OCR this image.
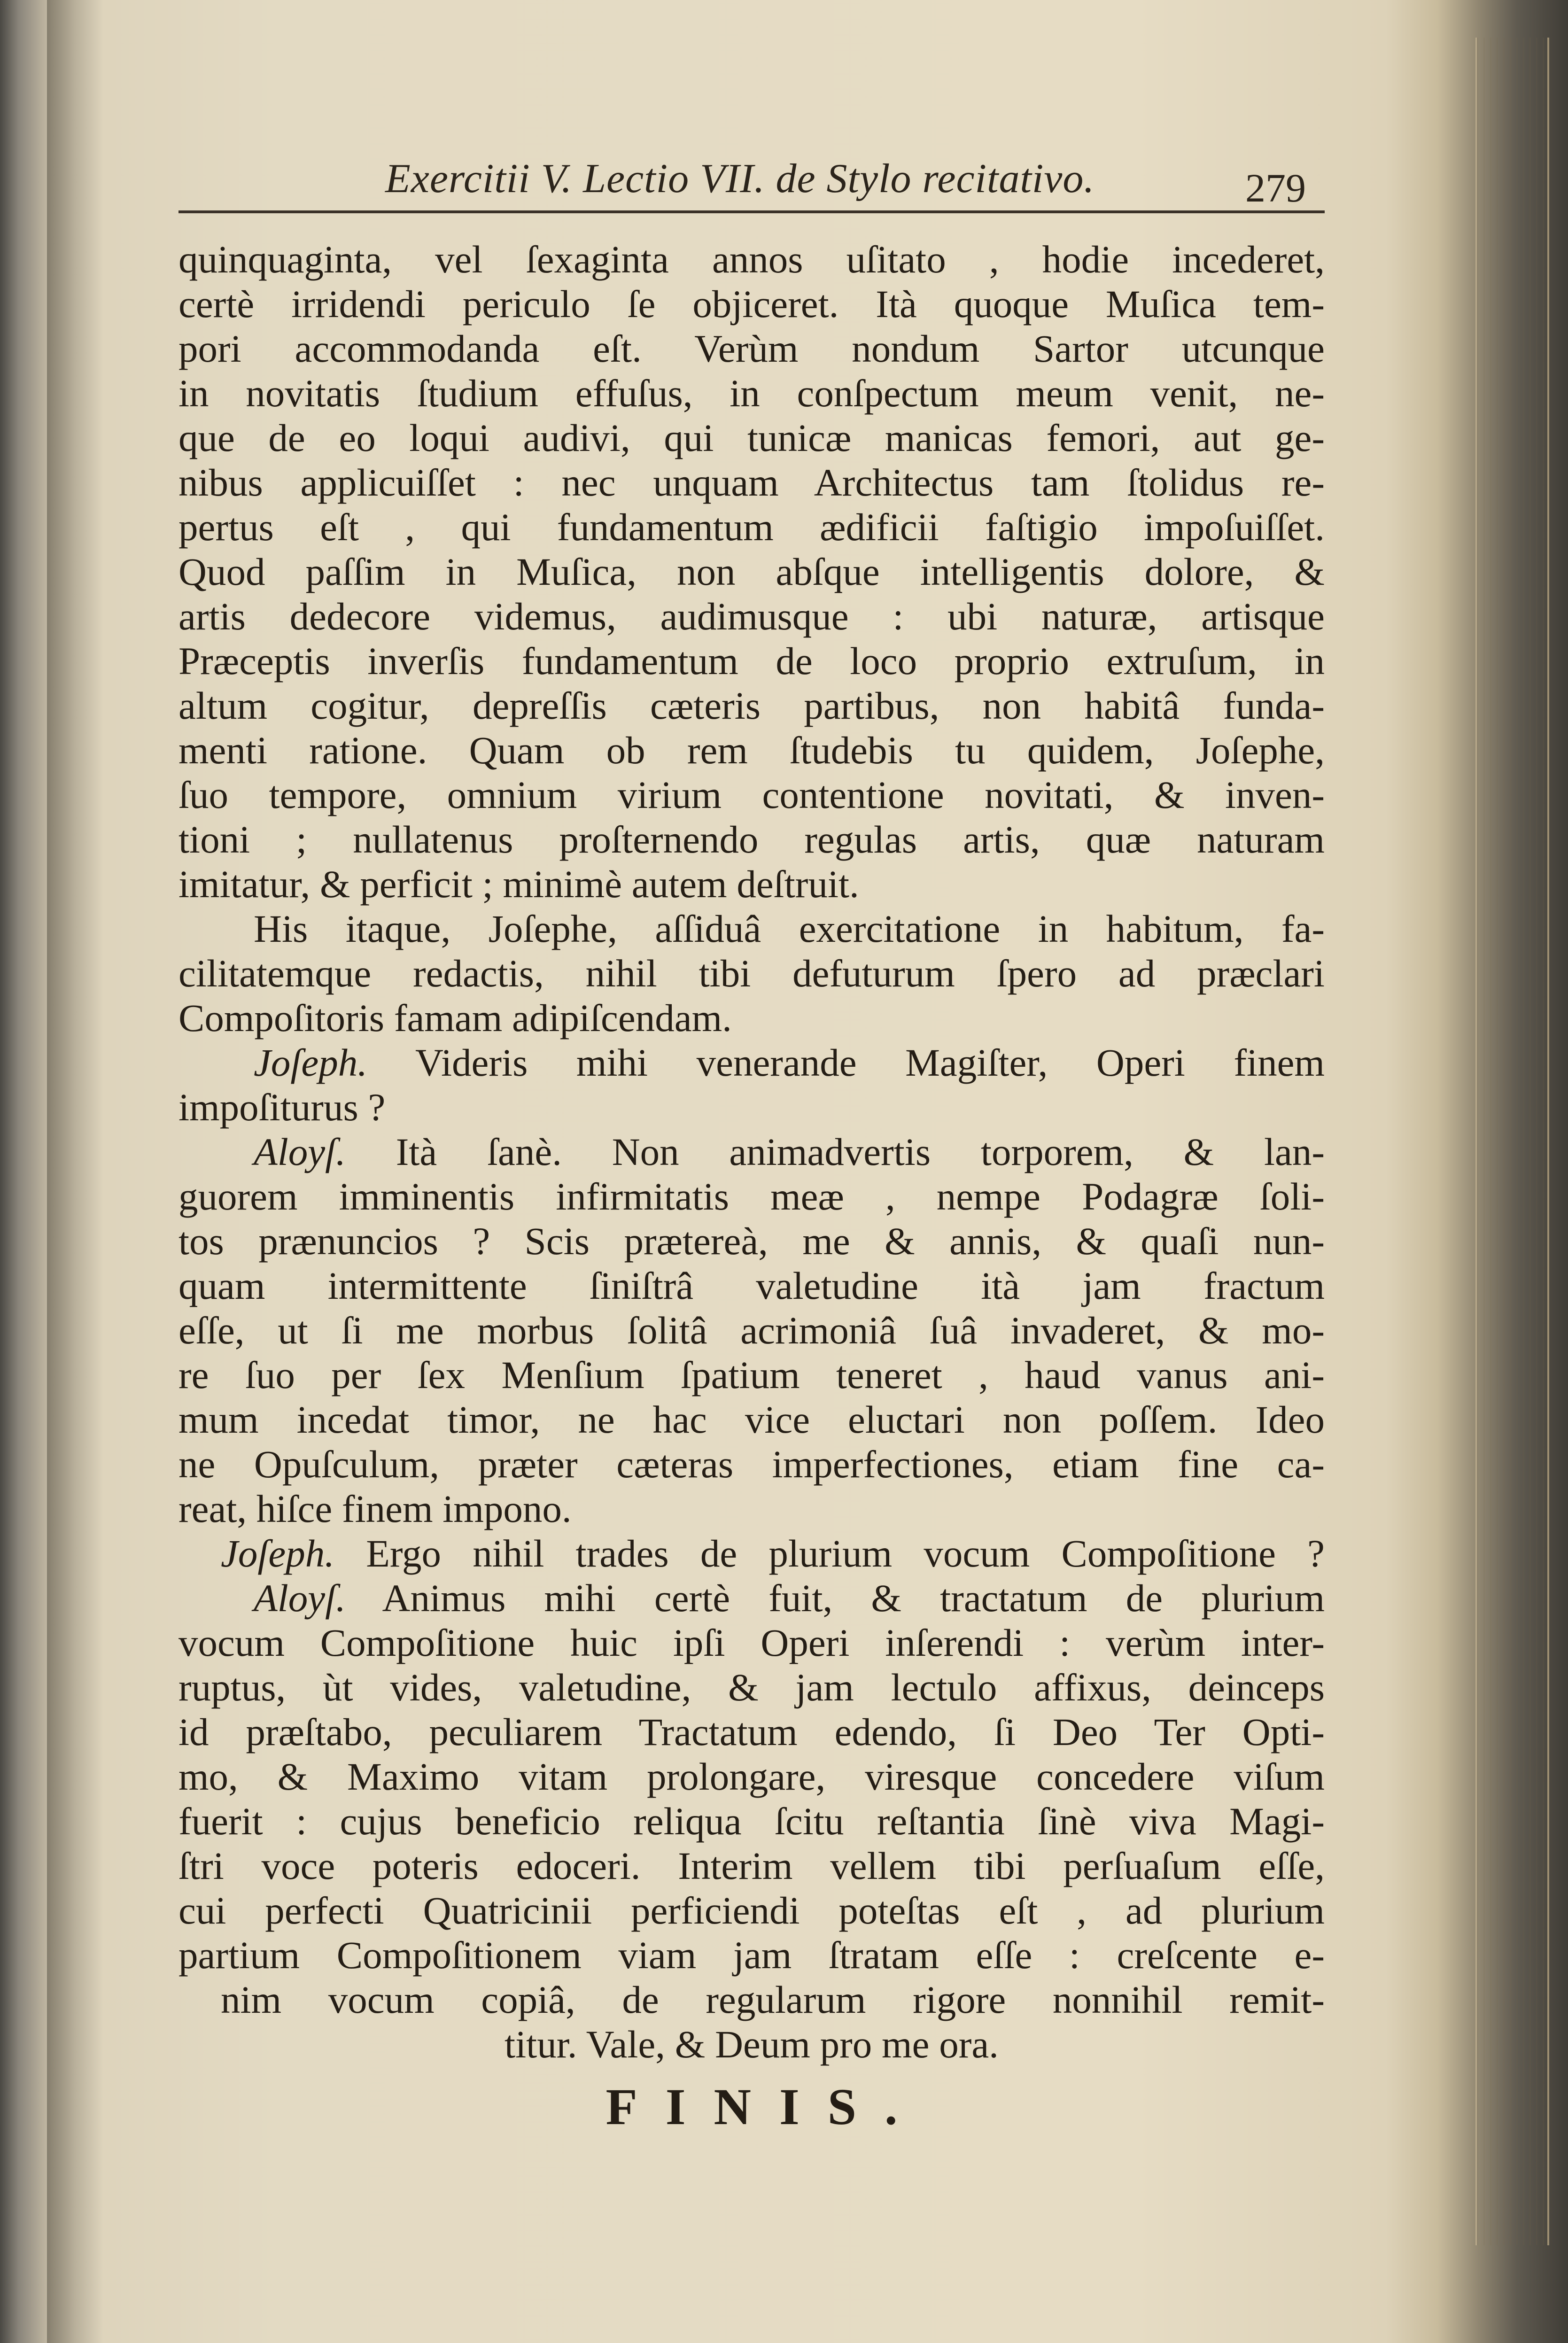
Exercitii V. Lectio VII. de Stylo recitativo.	279
quinquaginta, vel ſexaginta annos uſitato , hodie incederet,
certè irridendi periculo ſe objiceret. Ità quoque Muſica tem-
pori accommodanda eſt. Verùm nondum Sartor utcunque
in novitatis ſtudium effuſus, in conſpectum meum venit, ne-
que de eo loqui audivi, qui tunicæ manicas femori, aut ge-
nibus applicuiſſet : nec unquam Architectus tam ſtolidus re-
pertus eſt , qui fundamentum ædificii faſtigio impoſuiſſet.
Quod paſſim in Muſica, non abſque intelligentis dolore, &
artis dedecore videmus, audimusque : ubi naturæ, artisque
Præceptis inverſis fundamentum de loco proprio extruſum, in
altum cogitur, depreſſis cæteris partibus, non habitâ funda-
menti ratione. Quam ob rem ſtudebis tu quidem, Joſephe,
ſuo tempore, omnium virium contentione novitati, & inven-
tioni ; nullatenus proſternendo regulas artis, quæ naturam
imitatur, & perficit ; minimè autem deſtruit.
His itaque, Joſephe, aſſiduâ exercitatione in habitum, fa-
cilitatemque redactis, nihil tibi defuturum ſpero ad præclari
Compoſitoris famam adipiſcendam.
Joſeph. Videris mihi venerande Magiſter, Operi finem
impoſiturus ?
Aloyſ. Ità ſanè. Non animadvertis torporem, & lan-
guorem imminentis infirmitatis meæ , nempe Podagræ ſoli-
tos prænuncios ? Scis prætereà, me & annis, & quaſi nun-
quam intermittente ſiniſtrâ valetudine ità jam fractum
eſſe, ut ſi me morbus ſolitâ acrimoniâ ſuâ invaderet, & mo-
re ſuo per ſex Menſium ſpatium teneret , haud vanus ani-
mum incedat timor, ne hac vice eluctari non poſſem. Ideo
ne Opuſculum, præter cæteras imperfectiones, etiam fine ca-
reat, hiſce finem impono.
Joſeph. Ergo nihil trades de plurium vocum Compoſitione ?
Aloyſ. Animus mihi certè fuit, & tractatum de plurium
vocum Compoſitione huic ipſi Operi inſerendi : verùm inter-
ruptus, ùt vides, valetudine, & jam lectulo affixus, deinceps
id præſtabo, peculiarem Tractatum edendo, ſi Deo Ter Opti-
mo, & Maximo vitam prolongare, viresque concedere viſum
fuerit : cujus beneficio reliqua ſcitu reſtantia ſinè viva Magi-
ſtri voce poteris edoceri. Interim vellem tibi perſuaſum eſſe,
cui perfecti Quatricinii perficiendi poteſtas eſt , ad plurium
partium Compoſitionem viam jam ſtratam eſſe : creſcente e-
nim vocum copiâ, de regularum rigore nonnihil remit-
titur. Vale, & Deum pro me ora.
FINIS.
